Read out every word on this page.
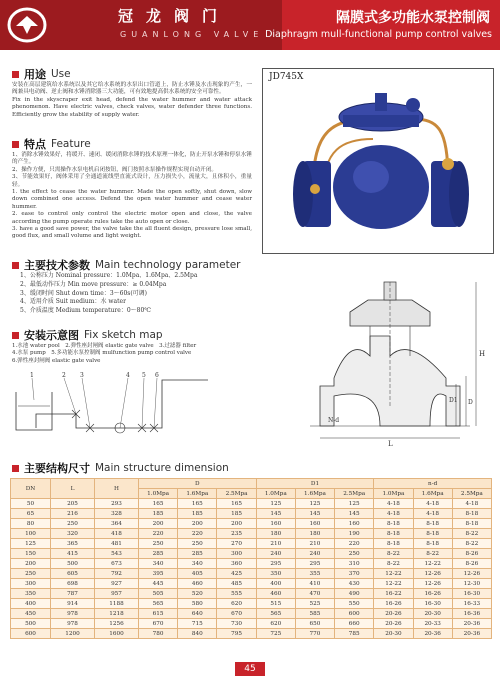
冠龙阀门
GUANLONG VALVE
隔膜式多功能水泵控制阀
Diaphragm mull-functional pump control valves
用途 Use

安装在高层建筑给水系统以及其它给水系统的水泵出口管道上，防止水锤及水击现象的产生，一阀兼具电动阀、逆止阀和水锤消除器三大功能，可有效地提高供水系统的安全可靠性。

Fix in the skyscraper exit head, defend the water hummer and water attack phenomenon. Have electric valves, check valves, water defender three functions. Efficiently grow the stability of supply water.

特点 Feature

1、消除水锤效果好，将缓开、速闭、缓闭消除水锤的技术原理一体化，防止开泵水锤和停泵水锤的产生。

2、操作方便，只需操作水泵电机启闭按钮，阀门按照水泵操作规程实现自动开闭。

3、节能效果好，阀体采用了全通道流线型直流式设计，压力损失小，流量大，且体积小，重量轻。

1. the effect to cease the water hummer. Made the open softly, shut down, slow down combined one access. Defend the open water hummer and cease water hummer.

2. ease to control only control the electric motor open and close, the valve according the pump operate rules take the auto open or close.

3. have a good save power, the valve take the all fluent design, pressure lose small, good flux, and small volume and light weight.

JD745X
主要技术参数 Main technology parameter
1、公称压力 Nominal pressure：1.0Mpa、1.6Mpa、2.5Mpa
2、最低动作压力 Min move pressure：≥ 0.04Mpa
3、缓闭时间 Shut down time：3～60s(可调)
4、适用介质 Suit medium：水 water
5、介质温度 Medium temperature：0～80℃
安装示意图 Fix sketch map
1.水池 water pool　2.弹性座封闸阀 elastic gate valve　3.过滤器 filter
4.水泵 pump　5.多功能水泵控制阀 mulfunction pump control valve
6.弹性座封闸阀 elastic gate valve
1	2 3	4 5 6
L
H
D
D1
N-d
主要结构尺寸 Main structure dimension
DN	L	H	D			D1			n-d		
			1.0Mpa	1.6Mpa	2.5Mpa	1.0Mpa	1.6Mpa	2.5Mpa	1.0Mpa	1.6Mpa	2.5Mpa
50	205	293	165	165	165	125	125	125	4-18	4-18	4-18
65	216	328	185	185	185	145	145	145	4-18	4-18	8-18
80	250	364	200	200	200	160	160	160	8-18	8-18	8-18
100	320	418	220	220	235	180	180	190	8-18	8-18	8-22
125	365	481	250	250	270	210	210	220	8-18	8-18	8-22
150	415	543	285	285	300	240	240	250	8-22	8-22	8-26
200	500	673	340	340	360	295	295	310	8-22	12-22	8-26
250	605	792	395	405	425	350	355	370	12-22	12-26	12-26
300	698	927	445	460	485	400	410	430	12-22	12-26	12-30
350	787	957	505	520	555	460	470	490	16-22	16-26	16-30
400	914	1188	565	580	620	515	525	550	16-26	16-30	16-33
450	978	1218	615	640	670	565	585	600	20-26	20-30	16-36
500	978	1256	670	715	730	620	650	660	20-26	20-33	20-36
600	1200	1600	780	840	795	725	770	785	20-30	20-36	20-36
45
